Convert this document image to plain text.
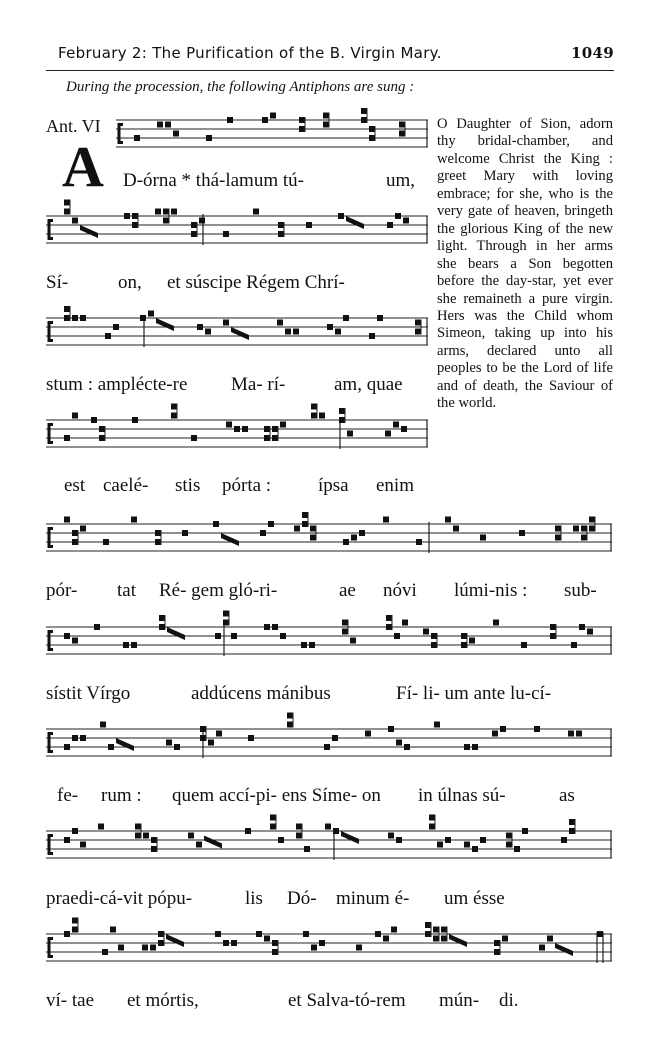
February 2: The Purification of the B. Virgin Mary.	1049
During the procession, the following Antiphons are sung :
Ant. VI
A
O Daughter of Sion, adorn thy bridal-chamber, and welcome Christ the King : greet Mary with loving embrace; for she, who is the very gate of heaven, bringeth the glorious King of the new light. Through in her arms she bears a Son begotten before the day-star, yet ever she remaineth a pure virgin. Hers was the Child whom Simeon, taking up into his arms, declared unto all peoples to be the Lord of life and of death, the Saviour of the world.
D-órna * thá-lamum tú-	um,
Sí-	on, et súscipe Régem Chrí-
stum : ampléctе-re Ma- rí-	am, quae
est caelé- stis pórta : ípsa enim
pór- tat Ré- gem gló-ri-	ae nóvi lúmi-nis : sub-
sístit Vírgo	addúcens mánibus	Fí- li- um ante lu-cí-
fe- rum : quem accí-pi- ens Síme- on in úlnas sú-	as
praedi-cá-vit pópu-	lis Dó- minum é- um ésse
ví- tae et mórtis,	et Salva-tó-rem mún- di.
